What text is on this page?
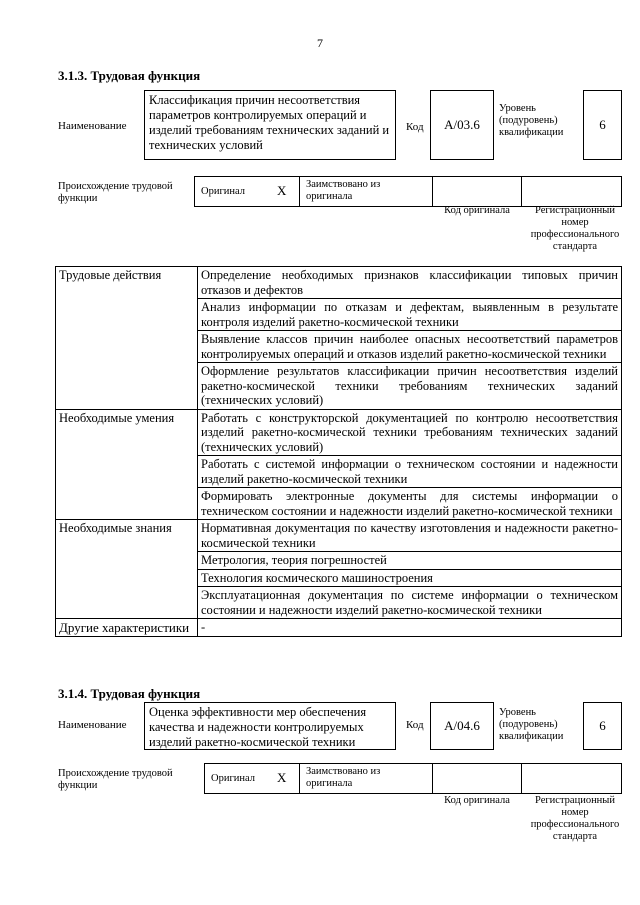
7
3.1.3. Трудовая функция
Наименование
Классификация причин несоответствия параметров контролируемых операций и изделий требованиям технических заданий и технических условий
Код A/03.6
Уровень (подуровень) квалификации
6
Происхождение трудовой функции
Оригинал X Заимствовано из оригинала
Код оригинала	Регистрационный номер профессионального стандарта
Трудовые действия	Определение необходимых признаков классификации типовых причин отказов и дефектов
	Анализ информации по отказам и дефектам, выявленным в результате контроля изделий ракетно-космической техники
	Выявление классов причин наиболее опасных несоответствий параметров контролируемых операций и отказов изделий ракетно-космической техники
	Оформление результатов классификации причин несоответствия изделий ракетно-космической техники требованиям технических заданий (технических условий)
Необходимые умения	Работать с конструкторской документацией по контролю несоответствия изделий ракетно-космической техники требованиям технических заданий (технических условий)
	Работать с системой информации о техническом состоянии и надежности изделий ракетно-космической техники
	Формировать электронные документы для системы информации о техническом состоянии и надежности изделий ракетно-космической техники
Необходимые знания	Нормативная документация по качеству изготовления и надежности ракетно-космической техники
	Метрология, теория погрешностей
	Технология космического машиностроения
	Эксплуатационная документация по системе информации о техническом состоянии и надежности изделий ракетно-космической техники
Другие характеристики	-
3.1.4. Трудовая функция
Наименование
Оценка эффективности мер обеспечения качества и надежности контролируемых изделий ракетно-космической техники
Код A/04.6
Уровень (подуровень) квалификации
6
Происхождение трудовой функции
Оригинал X Заимствовано из оригинала
Код оригинала	Регистрационный номер профессионального стандарта
